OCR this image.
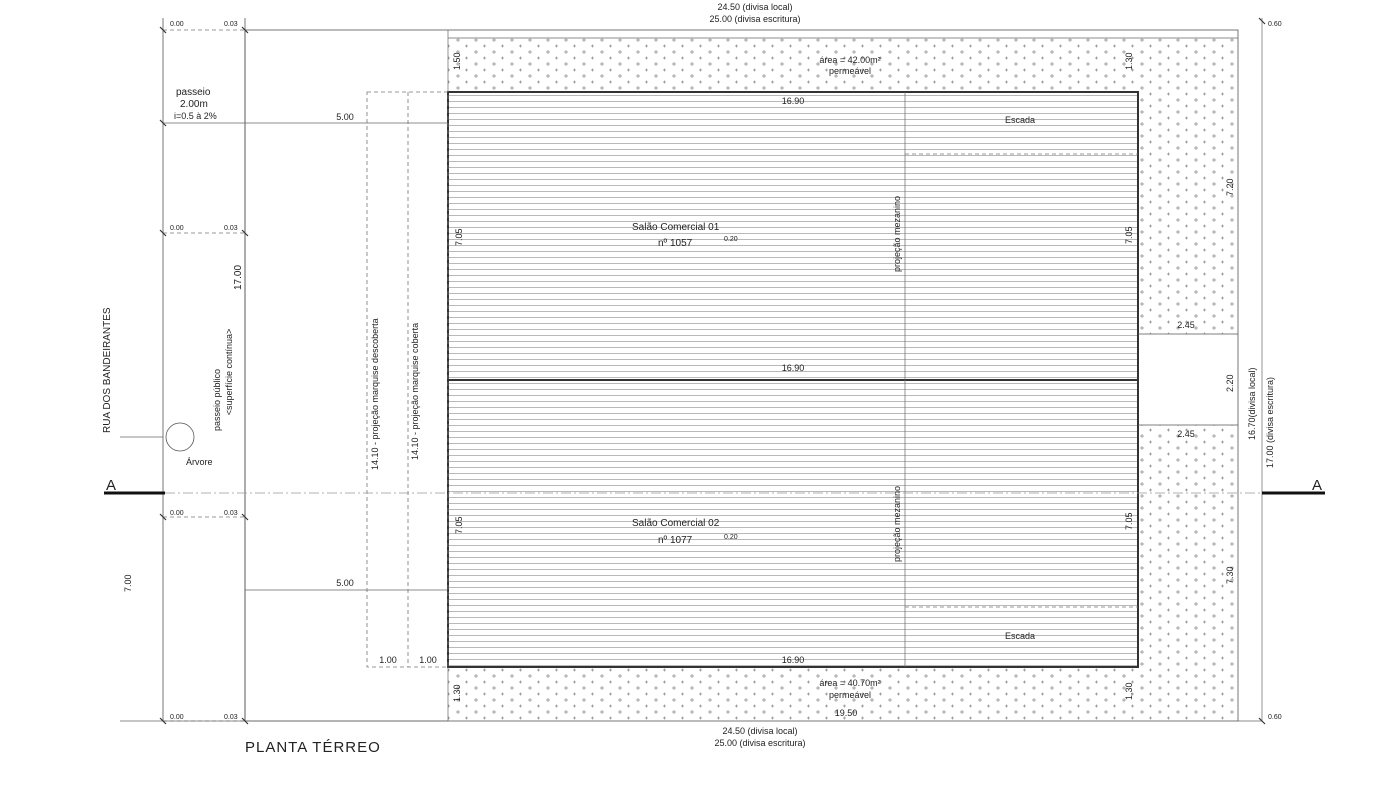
24.50 (divisa local)
25.00 (divisa escritura)
24.50 (divisa local)
25.00 (divisa escritura)
PLANTA TÉRREO
passeio
2.00m
i=0.5 à 2%
RUA DOS BANDEIRANTES	passeio público <superfície contínua>
Árvore
A	A
14.10 - projeção marquise descoberta	14.10 - projeção marquise coberta
área = 42.00m²
permeável
área = 40.70m²
permeável
Salão Comercial 01
nº 1057
Salão Comercial 02
nº 1077
Escada
Escada
projeção mezanino
projeção mezanino
16.90
16.90
16.90
19.50
7.05	7.05
7.05	7.05
5.00
5.00
1.00 1.00
1.50	1.30
1.30	1.30
2.45
2.45
2.20
7.20
7.30
16.70(divisa local) 17.00 (divisa escritura)
17.00
7.00
0.00	0.03
0.00	0.03
0.00	0.03
0.00	0.03
0.20
0.20
0.60
0.60
